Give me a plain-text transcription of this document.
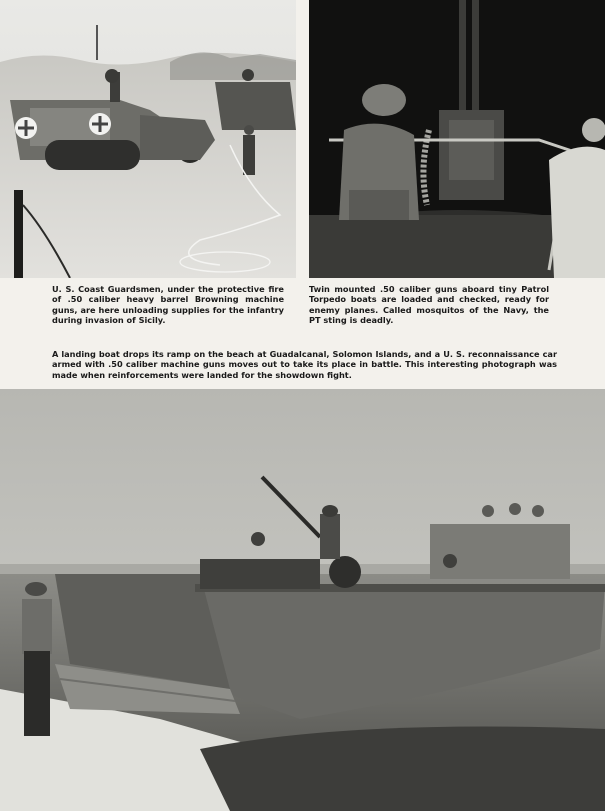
U. S. Coast Guardsmen, under the protective fire of .50 caliber heavy barrel Browning machine guns, are here unloading supplies for the infantry during invasion of Sicily.

Twin mounted .50 caliber guns aboard tiny Patrol Torpedo boats are loaded and checked, ready for enemy planes. Called mosquitos of the Navy, the PT sting is deadly.

A landing boat drops its ramp on the beach at Guadalcanal, Solomon Islands, and a U. S. reconnaissance car armed with .50 caliber machine guns moves out to take its place in battle. This interesting photograph was made when reinforcements were landed for the showdown fight.
